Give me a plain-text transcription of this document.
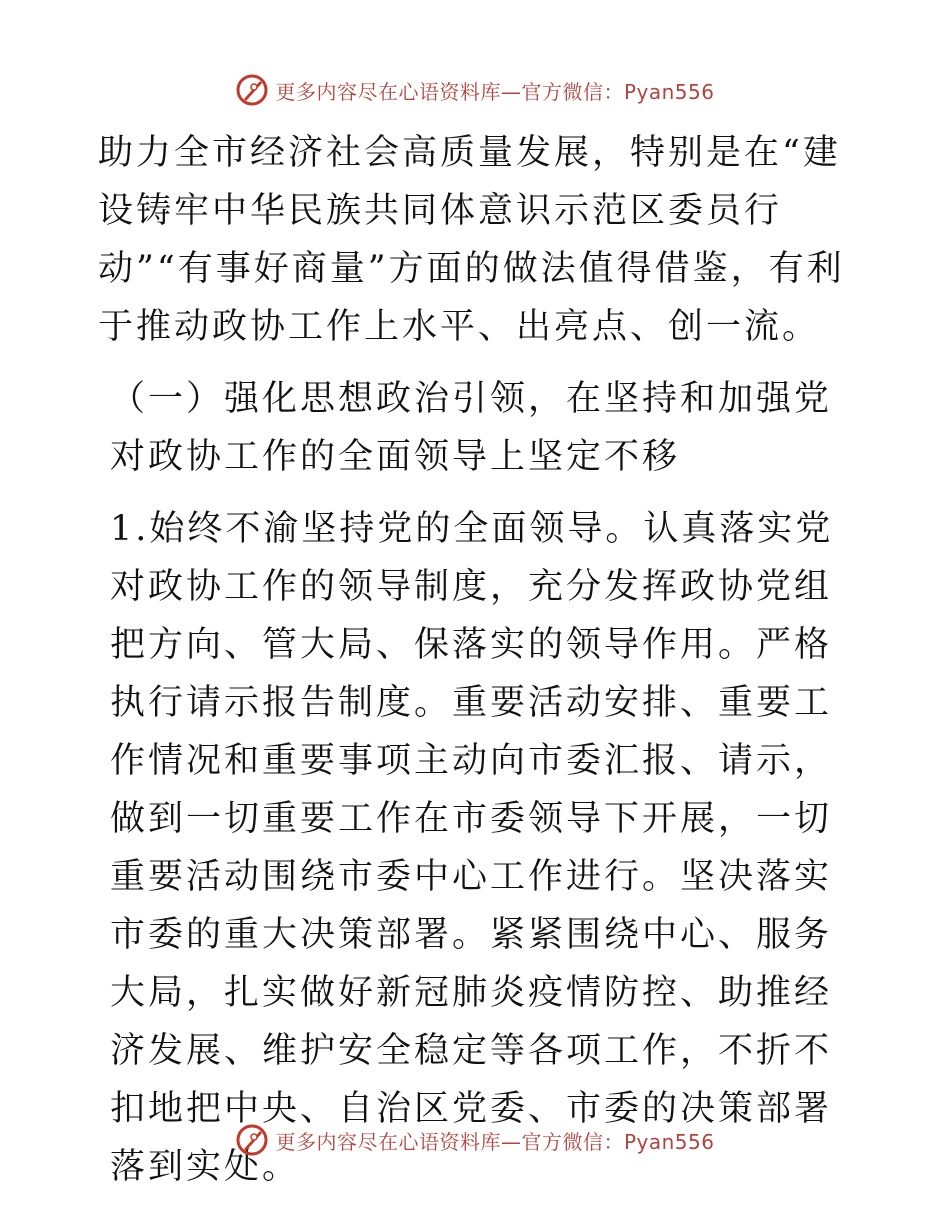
更多内容尽在心语资料库—官方微信：Pyan556

助力全市经济社会高质量发展，特别是在“建设铸牢中华民族共同体意识示范区委员行动”“有事好商量”方面的做法值得借鉴，有利于推动政协工作上水平、出亮点、创一流。

（一）强化思想政治引领，在坚持和加强党对政协工作的全面领导上坚定不移

1.始终不渝坚持党的全面领导。认真落实党对政协工作的领导制度，充分发挥政协党组把方向、管大局、保落实的领导作用。严格执行请示报告制度。重要活动安排、重要工作情况和重要事项主动向市委汇报、请示，做到一切重要工作在市委领导下开展，一切重要活动围绕市委中心工作进行。坚决落实市委的重大决策部署。紧紧围绕中心、服务大局，扎实做好新冠肺炎疫情防控、助推经济发展、维护安全稳定等各项工作，不折不扣地把中央、自治区党委、市委的决策部署落到实处。

更多内容尽在心语资料库—官方微信：Pyan556
